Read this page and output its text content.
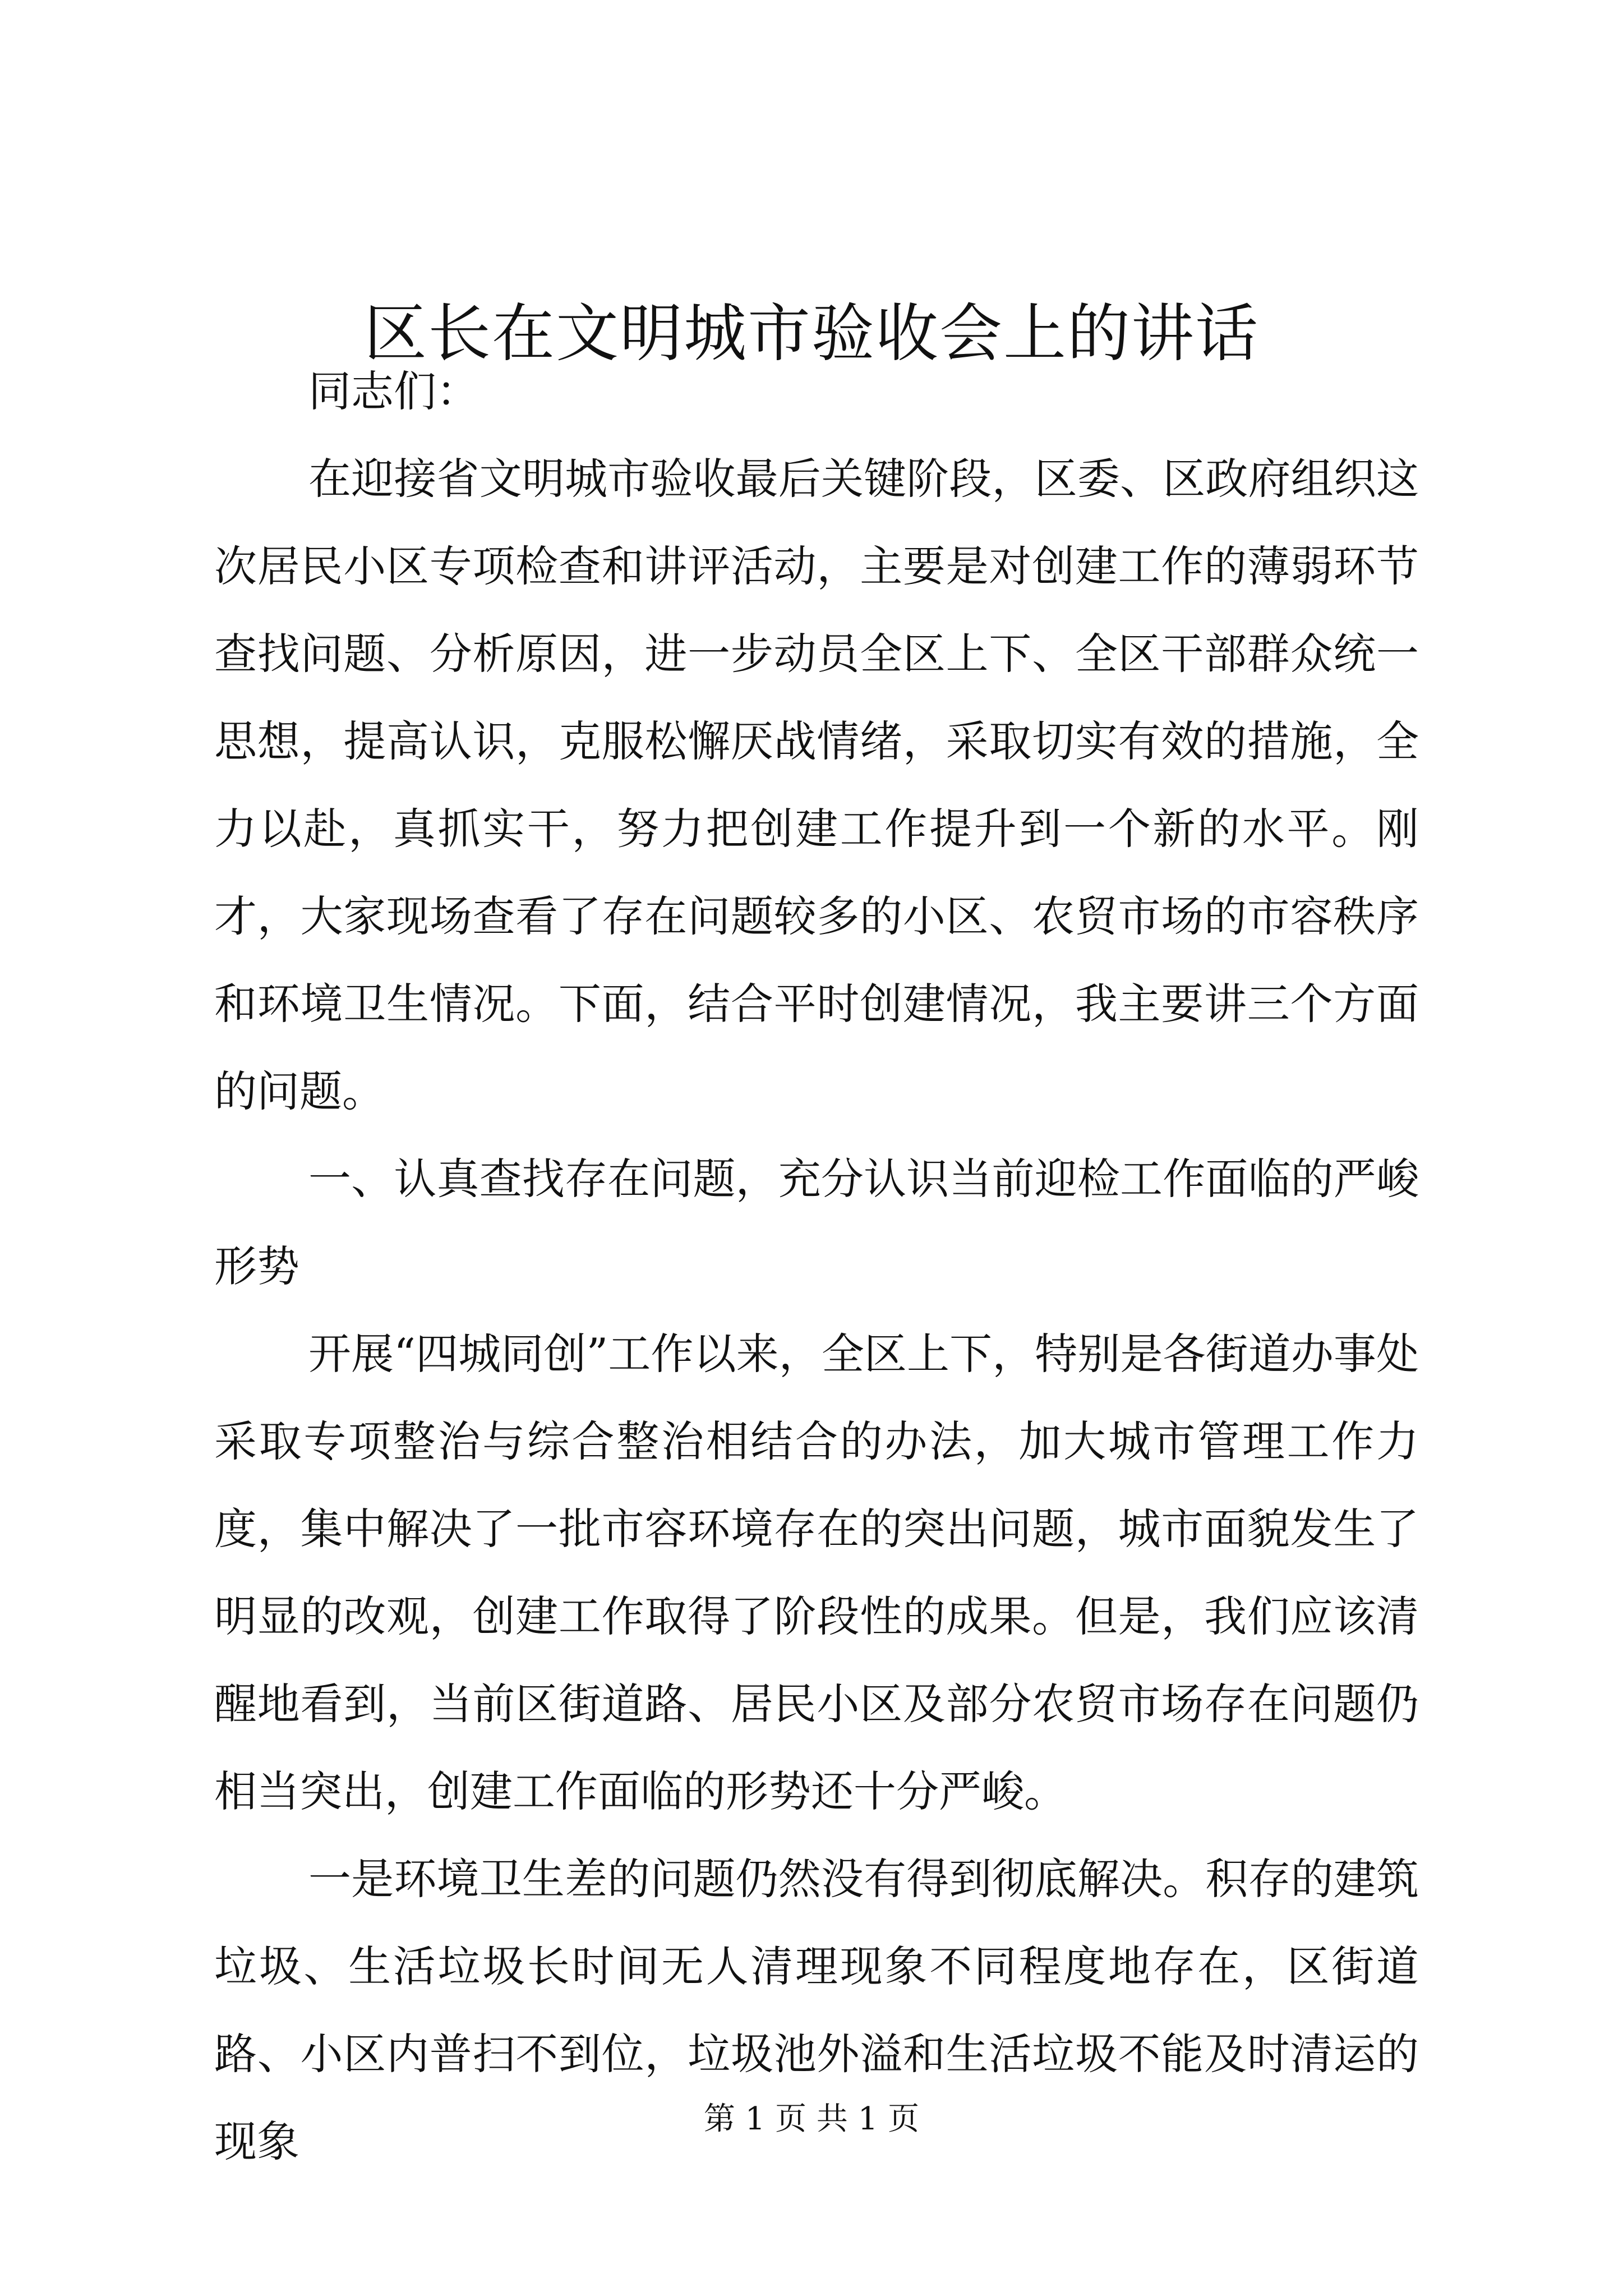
区长在文明城市验收会上的讲话

同志们：

在迎接省文明城市验收最后关键阶段，区委、区政府组织这次居民小区专项检查和讲评活动，主要是对创建工作的薄弱环节查找问题、分析原因，进一步动员全区上下、全区干部群众统一思想，提高认识，克服松懈厌战情绪，采取切实有效的措施，全力以赴，真抓实干，努力把创建工作提升到一个新的水平。刚才，大家现场查看了存在问题较多的小区、农贸市场的市容秩序和环境卫生情况。下面，结合平时创建情况，我主要讲三个方面的问题。

一、认真查找存在问题，充分认识当前迎检工作面临的严峻形势

开展“四城同创”工作以来，全区上下，特别是各街道办事处采取专项整治与综合整治相结合的办法，加大城市管理工作力度，集中解决了一批市容环境存在的突出问题，城市面貌发生了明显的改观，创建工作取得了阶段性的成果。但是，我们应该清醒地看到，当前区街道路、居民小区及部分农贸市场存在问题仍相当突出，创建工作面临的形势还十分严峻。

一是环境卫生差的问题仍然没有得到彻底解决。积存的建筑垃圾、生活垃圾长时间无人清理现象不同程度地存在，区街道路、小区内普扫不到位，垃圾池外溢和生活垃圾不能及时清运的现象	第 1 页 共 1 页
